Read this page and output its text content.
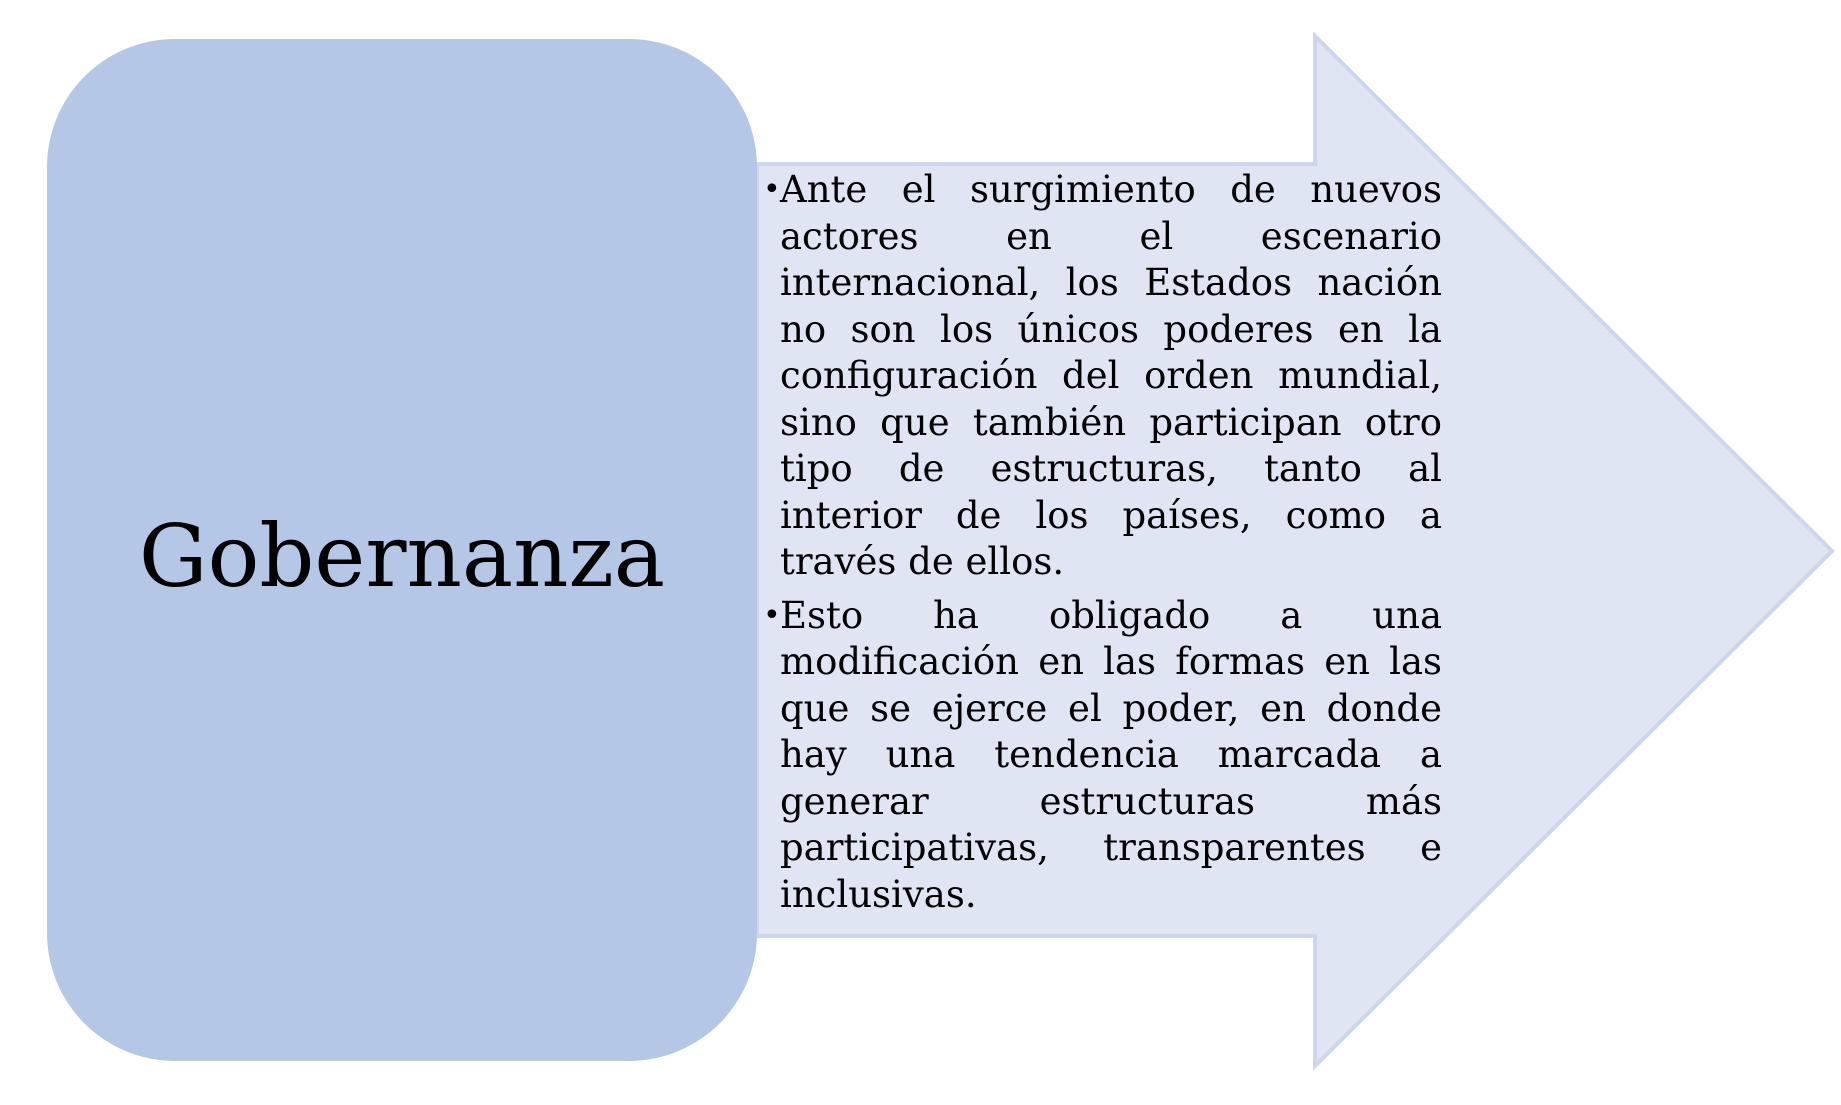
Gobernanza
• Ante el surgimiento de nuevos actores en el escenario internacional, los Estados nación no son los únicos poderes en la configuración del orden mundial, sino que también participan otro tipo de estructuras, tanto al interior de los países, como a través de ellos.
• Esto ha obligado a una modificación en las formas en las que se ejerce el poder, en donde hay una tendencia marcada a generar estructuras más participativas, transparentes e inclusivas.
